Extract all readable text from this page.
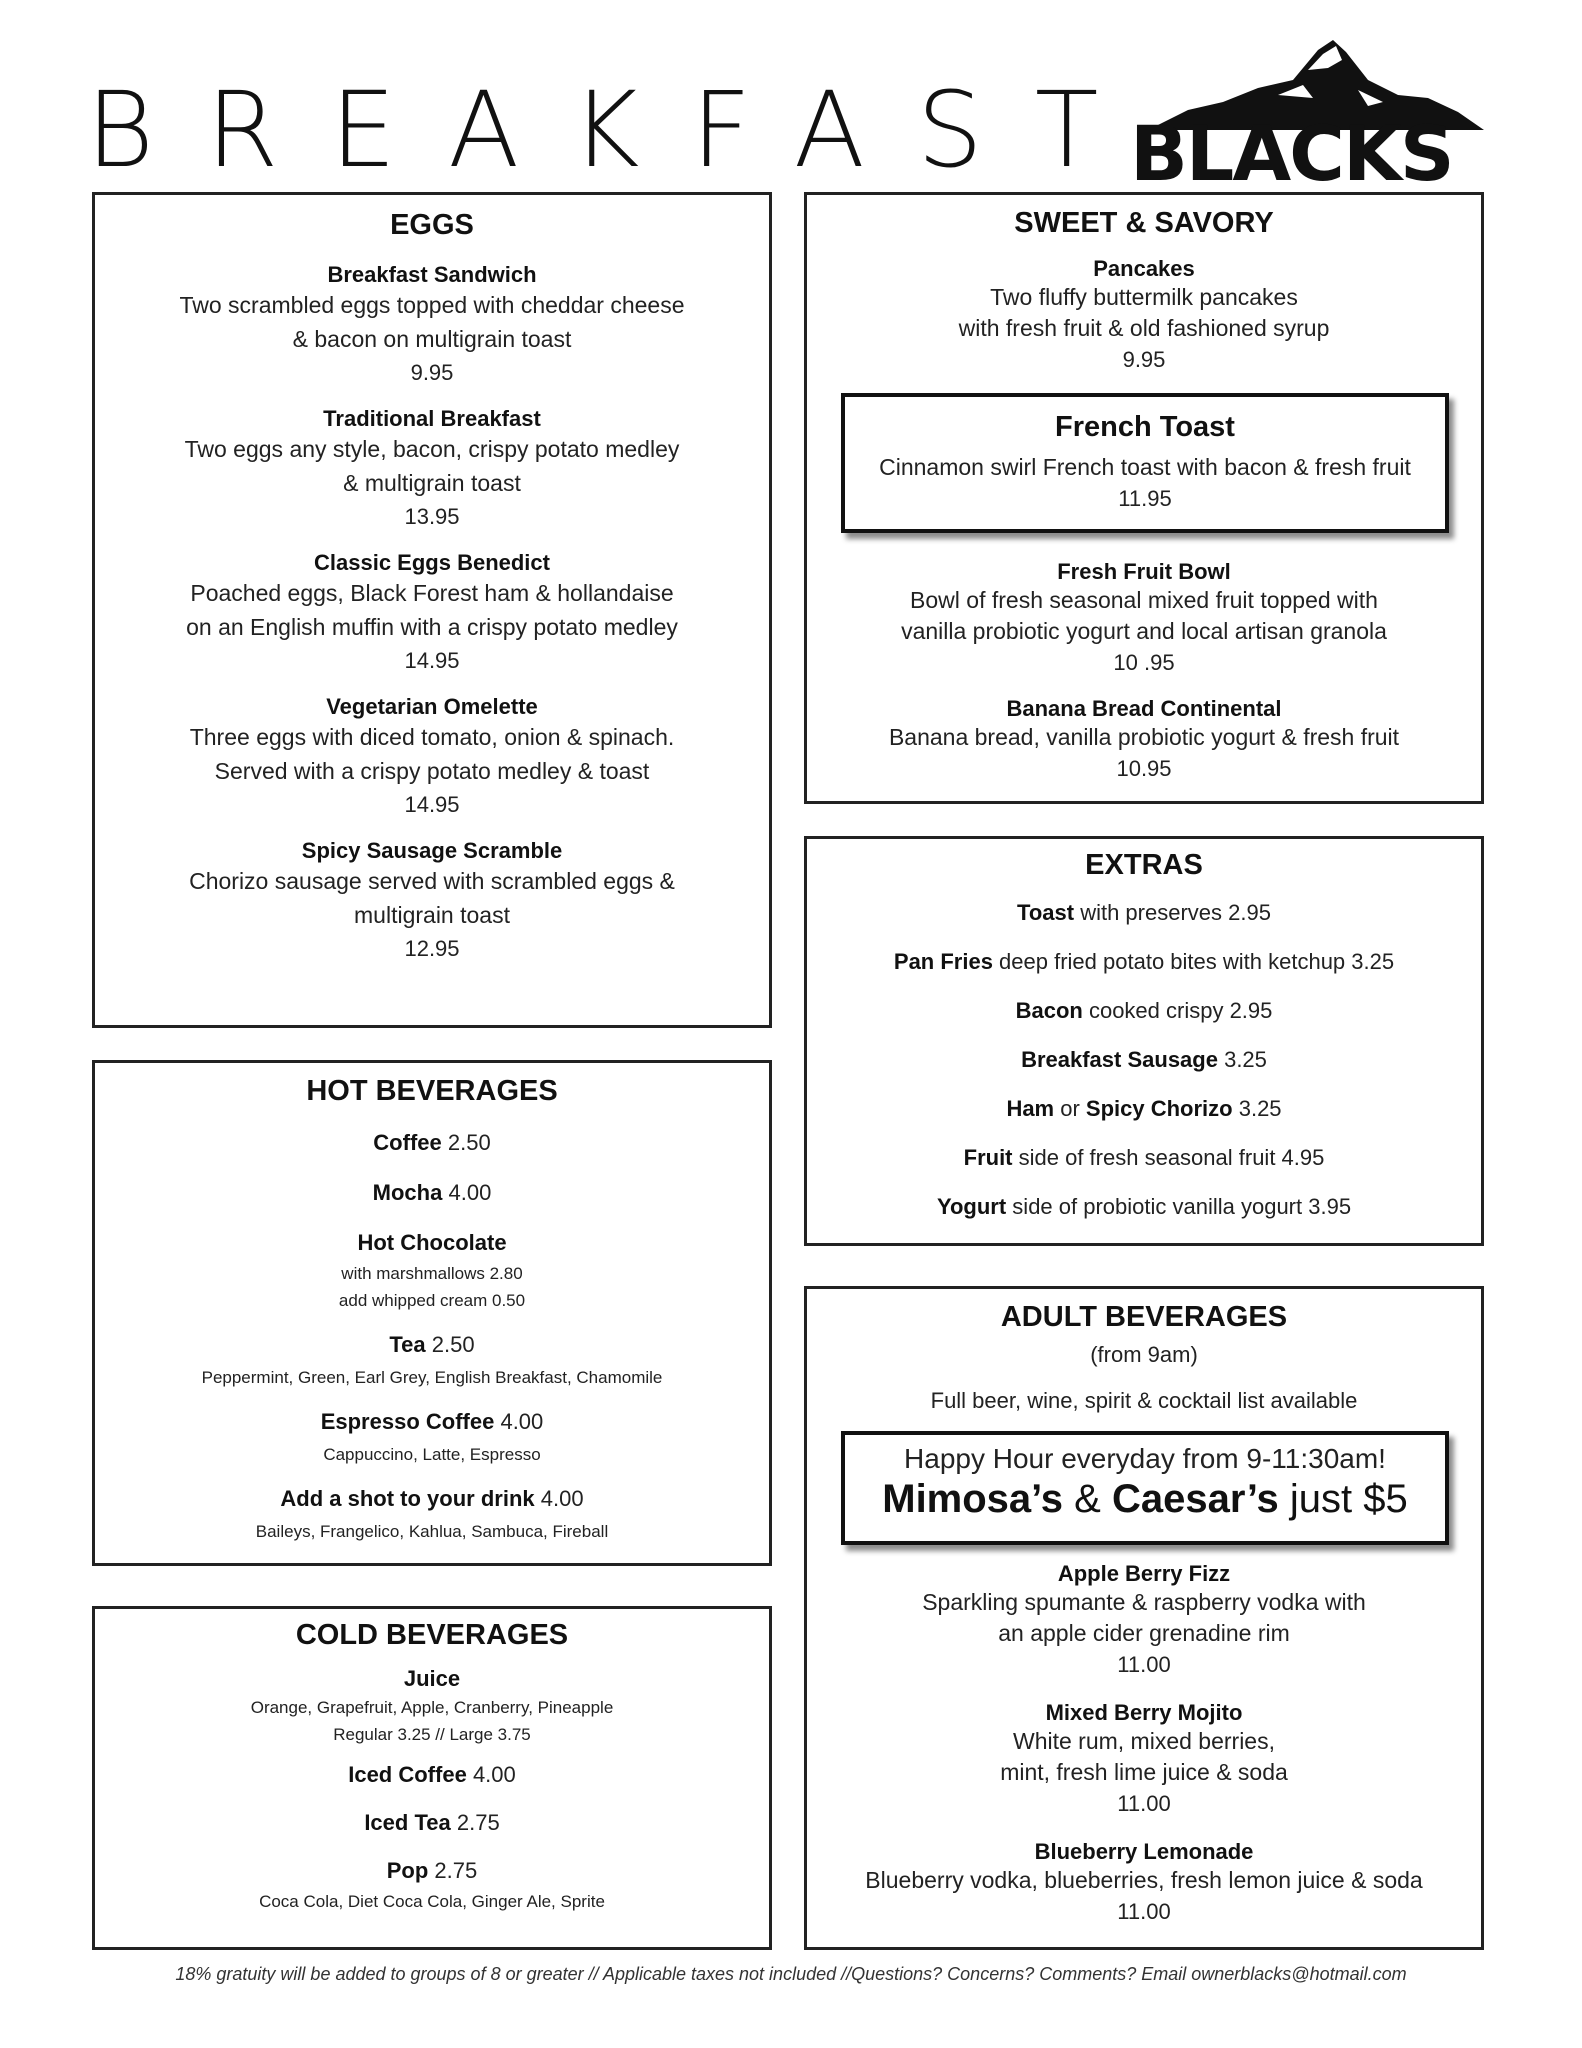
BREAKFAST
BLACKS
EGGS
Breakfast Sandwich
Two scrambled eggs topped with cheddar cheese
& bacon on multigrain toast
9.95
Traditional Breakfast
Two eggs any style, bacon, crispy potato medley
& multigrain toast
13.95
Classic Eggs Benedict
Poached eggs, Black Forest ham & hollandaise
on an English muffin with a crispy potato medley
14.95
Vegetarian Omelette
Three eggs with diced tomato, onion & spinach.
Served with a crispy potato medley & toast
14.95
Spicy Sausage Scramble
Chorizo sausage served with scrambled eggs &
multigrain toast
12.95
HOT BEVERAGES
Coffee 2.50
Mocha 4.00
Hot Chocolate
with marshmallows 2.80
add whipped cream 0.50
Tea 2.50
Peppermint, Green, Earl Grey, English Breakfast, Chamomile
Espresso Coffee 4.00
Cappuccino, Latte, Espresso
Add a shot to your drink 4.00
Baileys, Frangelico, Kahlua, Sambuca, Fireball
COLD BEVERAGES
Juice
Orange, Grapefruit, Apple, Cranberry, Pineapple
Regular 3.25 // Large 3.75
Iced Coffee 4.00
Iced Tea 2.75
Pop 2.75
Coca Cola, Diet Coca Cola, Ginger Ale, Sprite
SWEET & SAVORY
Pancakes
Two fluffy buttermilk pancakes
with fresh fruit & old fashioned syrup
9.95
French Toast
Cinnamon swirl French toast with bacon & fresh fruit
11.95
Fresh Fruit Bowl
Bowl of fresh seasonal mixed fruit topped with
vanilla probiotic yogurt and local artisan granola
10 .95
Banana Bread Continental
Banana bread, vanilla probiotic yogurt & fresh fruit
10.95
EXTRAS
Toast with preserves 2.95
Pan Fries deep fried potato bites with ketchup 3.25
Bacon cooked crispy 2.95
Breakfast Sausage 3.25
Ham or Spicy Chorizo 3.25
Fruit side of fresh seasonal fruit 4.95
Yogurt side of probiotic vanilla yogurt 3.95
ADULT BEVERAGES
(from 9am)
Full beer, wine, spirit & cocktail list available
Happy Hour everyday from 9-11:30am!
Mimosa’s & Caesar’s just $5
Apple Berry Fizz
Sparkling spumante & raspberry vodka with
an apple cider grenadine rim
11.00
Mixed Berry Mojito
White rum, mixed berries,
mint, fresh lime juice & soda
11.00
Blueberry Lemonade
Blueberry vodka, blueberries, fresh lemon juice & soda
11.00
18% gratuity will be added to groups of 8 or greater // Applicable taxes not included //Questions? Concerns? Comments? Email ownerblacks@hotmail.com
